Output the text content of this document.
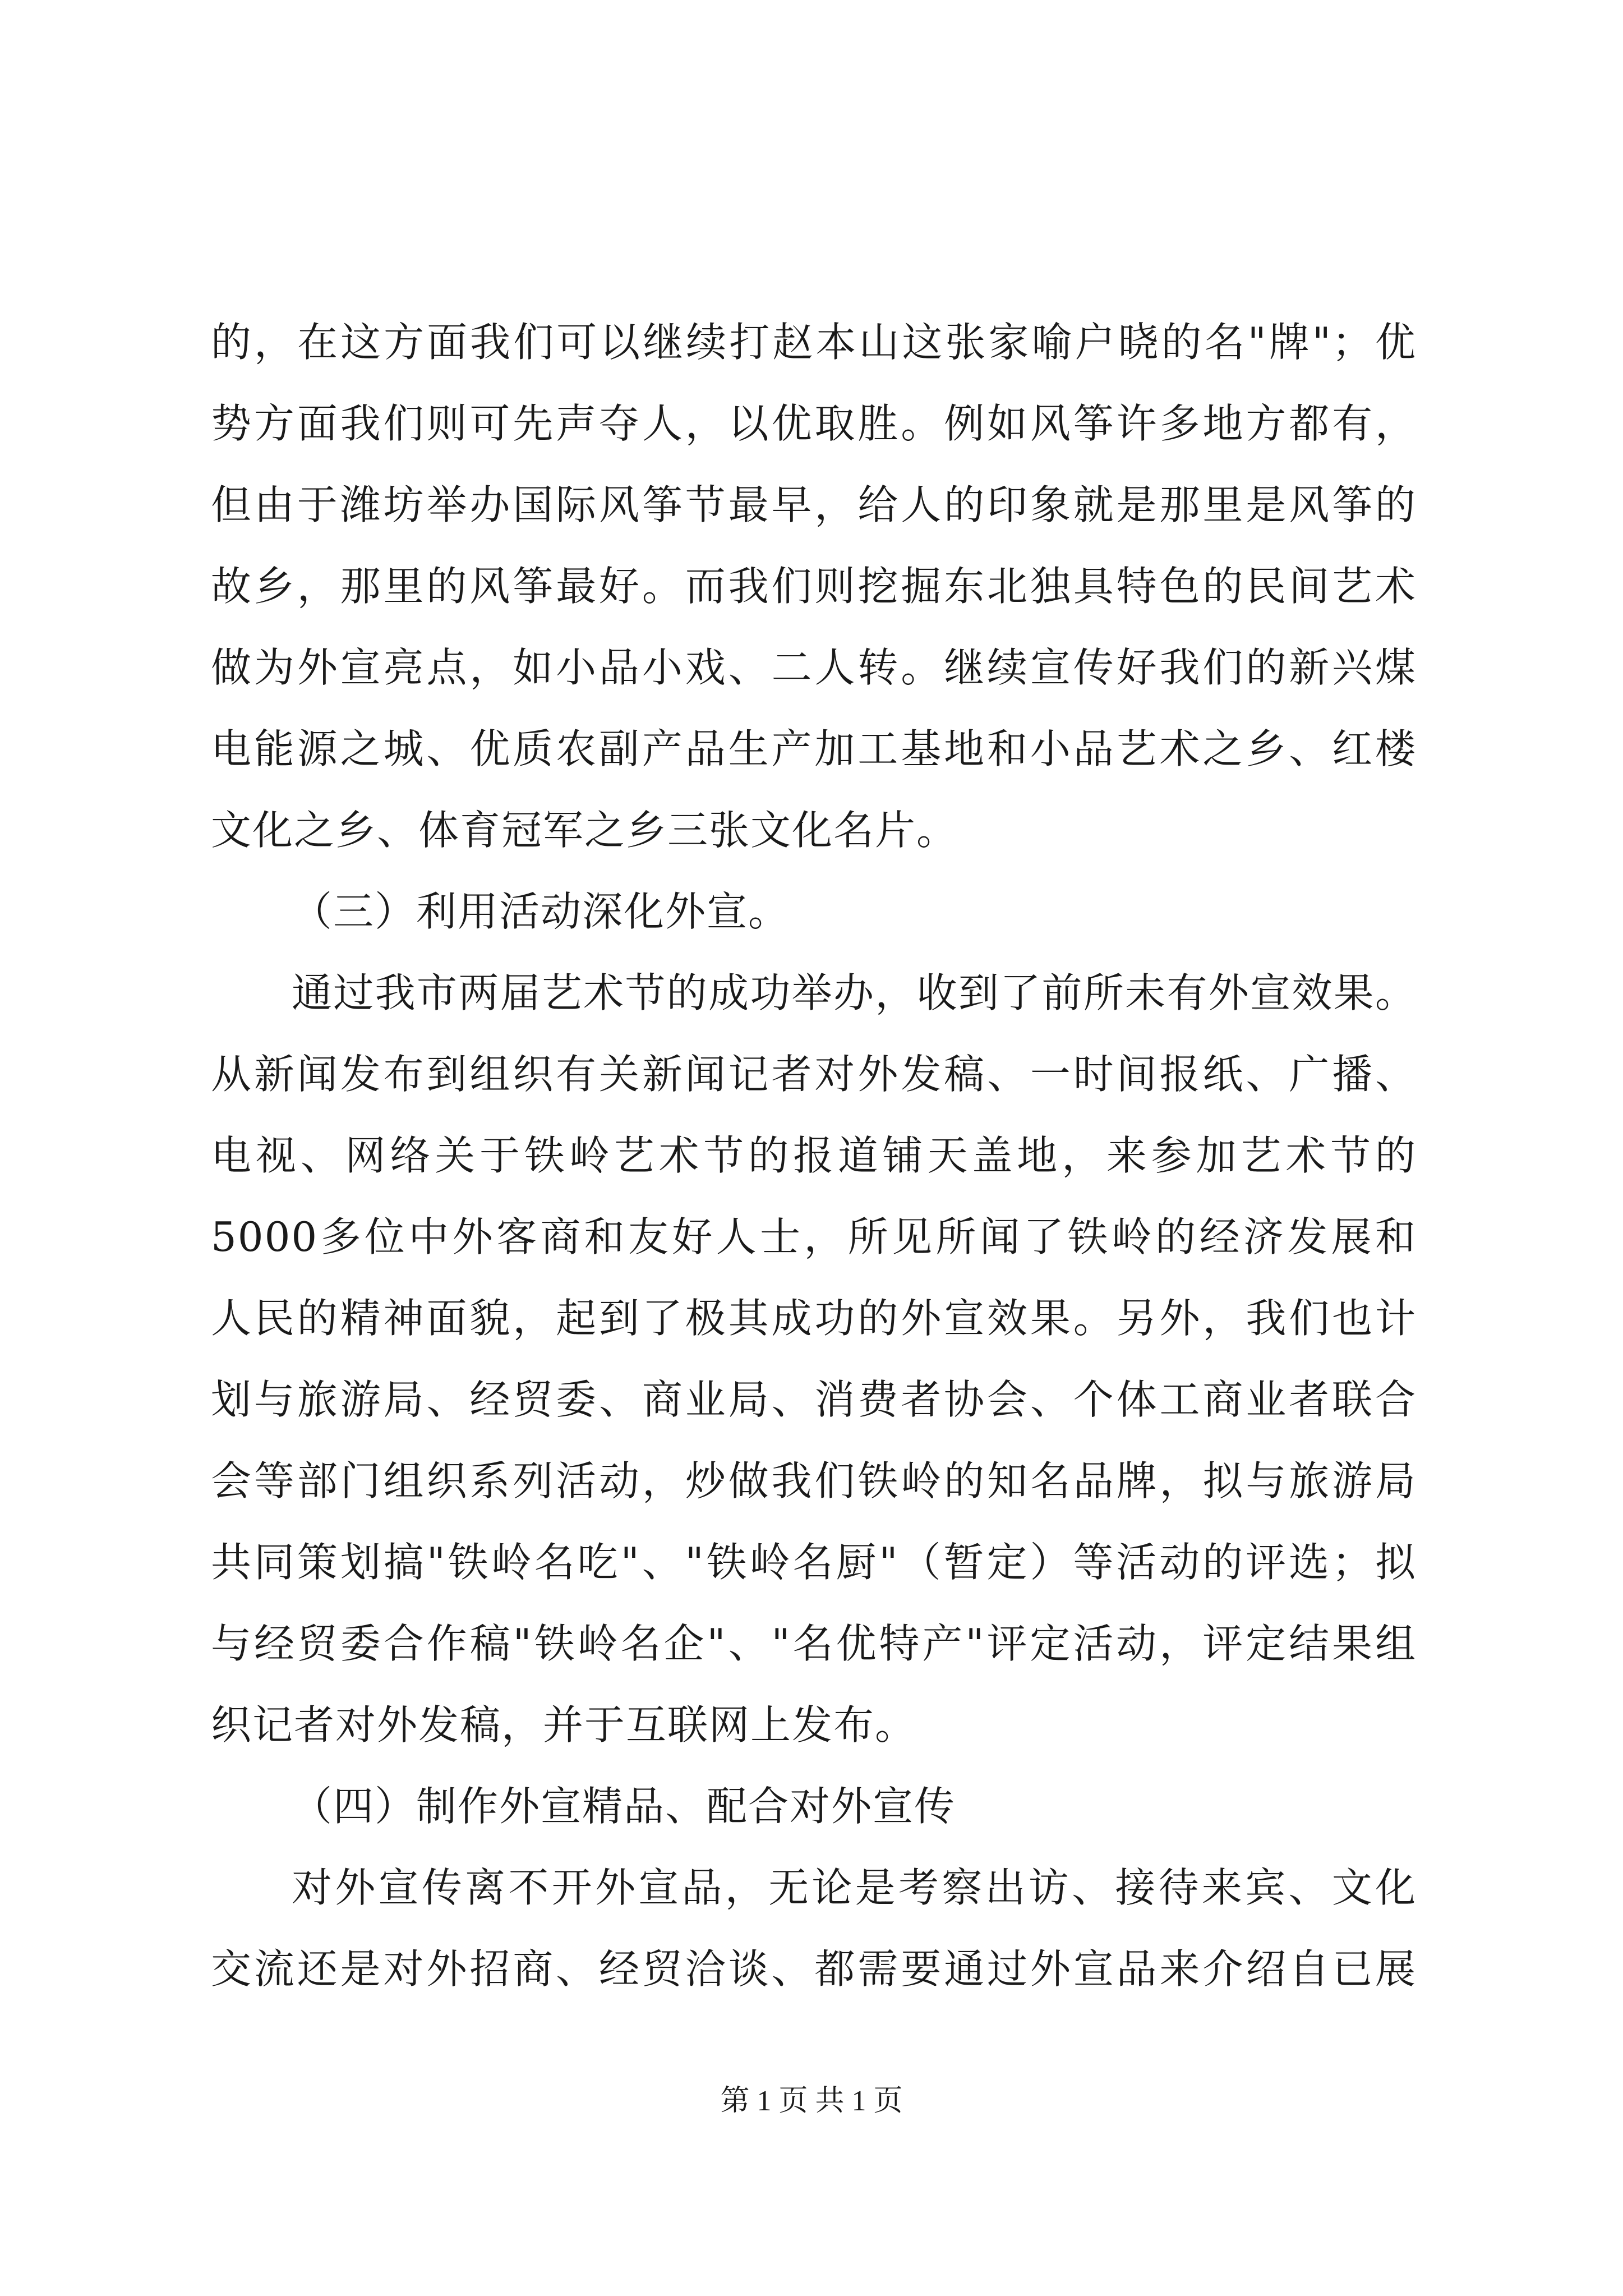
的，在这方面我们可以继续打赵本山这张家喻户晓的名"牌"；优
势方面我们则可先声夺人，以优取胜。例如风筝许多地方都有，
但由于潍坊举办国际风筝节最早，给人的印象就是那里是风筝的
故乡，那里的风筝最好。而我们则挖掘东北独具特色的民间艺术
做为外宣亮点，如小品小戏、二人转。继续宣传好我们的新兴煤
电能源之城、优质农副产品生产加工基地和小品艺术之乡、红楼
文化之乡、体育冠军之乡三张文化名片。
（三）利用活动深化外宣。
通过我市两届艺术节的成功举办，收到了前所未有外宣效果。
从新闻发布到组织有关新闻记者对外发稿、一时间报纸、广播、
电视、网络关于铁岭艺术节的报道铺天盖地，来参加艺术节的
5000多位中外客商和友好人士，所见所闻了铁岭的经济发展和
人民的精神面貌，起到了极其成功的外宣效果。另外，我们也计
划与旅游局、经贸委、商业局、消费者协会、个体工商业者联合
会等部门组织系列活动，炒做我们铁岭的知名品牌，拟与旅游局
共同策划搞"铁岭名吃"、"铁岭名厨"（暂定）等活动的评选；拟
与经贸委合作稿"铁岭名企"、"名优特产"评定活动，评定结果组
织记者对外发稿，并于互联网上发布。
（四）制作外宣精品、配合对外宣传
对外宣传离不开外宣品，无论是考察出访、接待来宾、文化
交流还是对外招商、经贸洽谈、都需要通过外宣品来介绍自已展
第 1 页 共 1 页
